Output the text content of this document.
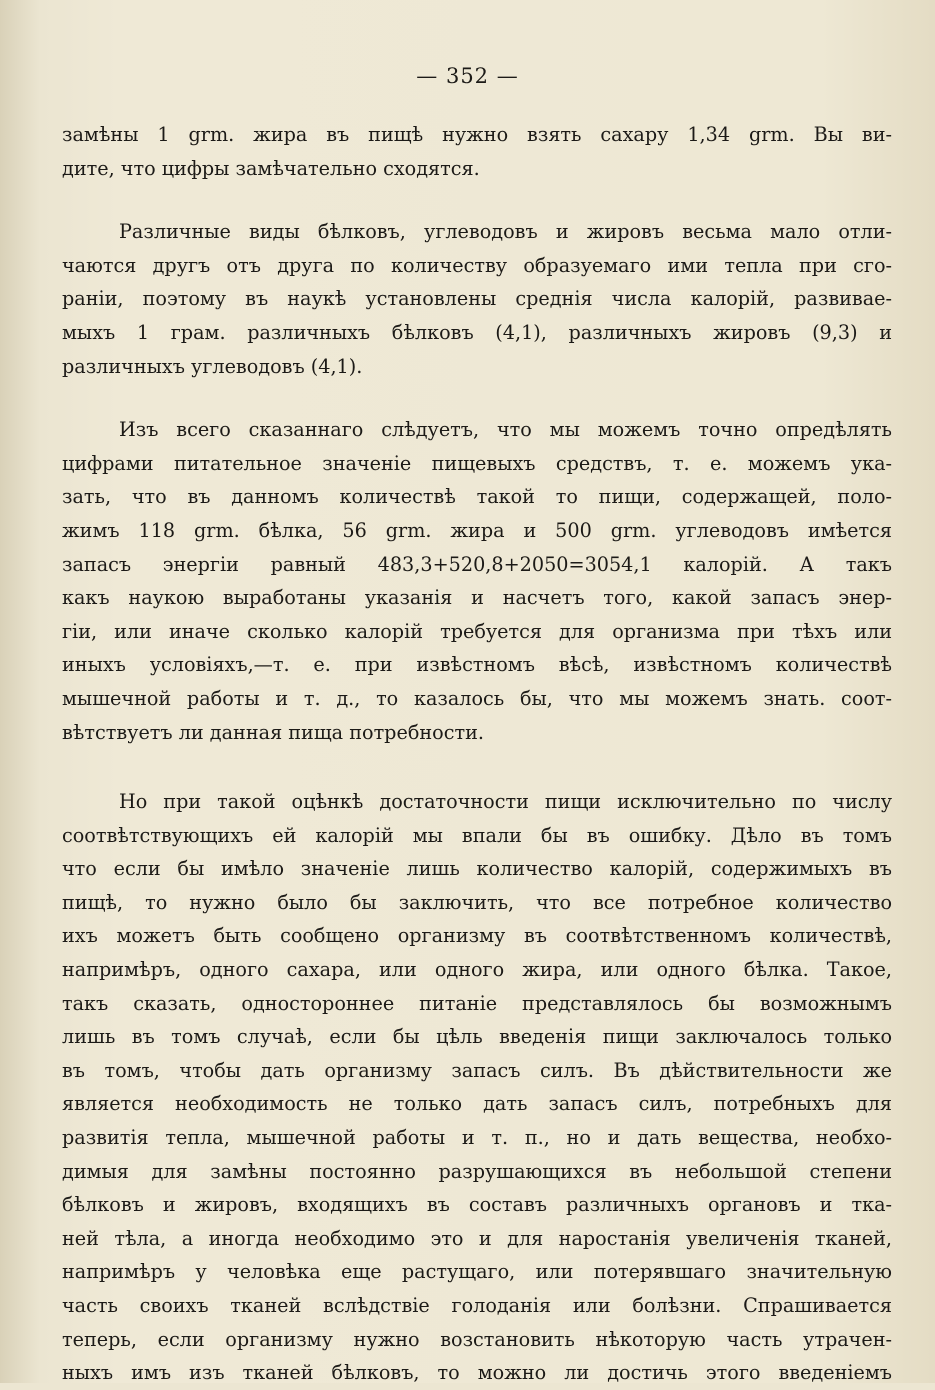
— 352 —
замѣны 1 grm. жира въ пищѣ нужно взять сахару 1,34 grm. Вы ви-
дите, что цифры замѣчательно сходятся.
Различные виды бѣлковъ, углеводовъ и жировъ весьма мало отли-
чаются другъ отъ друга по количеству образуемаго ими тепла при сго-
раніи, поэтому въ наукѣ установлены среднія числа калорій, развивае-
мыхъ 1 грам. различныхъ бѣлковъ (4,1), различныхъ жировъ (9,3) и
различныхъ углеводовъ (4,1).
Изъ всего сказаннаго слѣдуетъ, что мы можемъ точно опредѣлять
цифрами питательное значеніе пищевыхъ средствъ, т. е. можемъ ука-
зать, что въ данномъ количествѣ такой то пищи, содержащей, поло-
жимъ 118 grm. бѣлка, 56 grm. жира и 500 grm. углеводовъ имѣется
запасъ энергіи равный 483,3+520,8+2050=3054,1 калорій. А такъ
какъ наукою выработаны указанія и насчетъ того, какой запасъ энер-
гіи, или иначе сколько калорій требуется для организма при тѣхъ или
иныхъ условіяхъ,—т. е. при извѣстномъ вѣсѣ, извѣстномъ количествѣ
мышечной работы и т. д., то казалось бы, что мы можемъ знать. соот-
вѣтствуетъ ли данная пища потребности.
Но при такой оцѣнкѣ достаточности пищи исключительно по числу
соотвѣтствующихъ ей калорій мы впали бы въ ошибку. Дѣло въ томъ
что если бы имѣло значеніе лишь количество калорій, содержимыхъ въ
пищѣ, то нужно было бы заключить, что все потребное количество
ихъ можетъ быть сообщено организму въ соотвѣтственномъ количествѣ,
напримѣръ, одного сахара, или одного жира, или одного бѣлка. Такое,
такъ сказать, одностороннее питаніе представлялось бы возможнымъ
лишь въ томъ случаѣ, если бы цѣль введенія пищи заключалось только
въ томъ, чтобы дать организму запасъ силъ. Въ дѣйствительности же
является необходимость не только дать запасъ силъ, потребныхъ для
развитія тепла, мышечной работы и т. п., но и дать вещества, необхо-
димыя для замѣны постоянно разрушающихся въ небольшой степени
бѣлковъ и жировъ, входящихъ въ составъ различныхъ органовъ и тка-
ней тѣла, а иногда необходимо это и для наростанія увеличенія тканей,
напримѣръ у человѣка еще растущаго, или потерявшаго значительную
часть своихъ тканей вслѣдствіе голоданія или болѣзни. Спрашивается
теперь, если организму нужно возстановить нѣкоторую часть утрачен-
ныхъ имъ изъ тканей бѣлковъ, то можно ли достичь этого введеніемъ
